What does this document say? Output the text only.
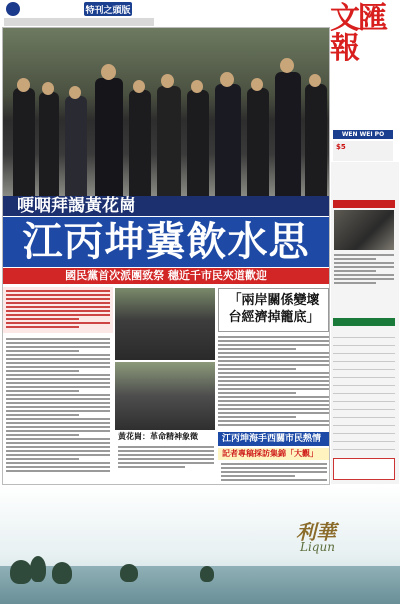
特刊之頭版	文匯報
WEN WEI PO
$5
哽咽拜謁黃花崗
江丙坤冀飲水思
國民黨首次派團致祭 穗近千市民夾道歡迎
黃花崗：革命精神象徵
「兩岸關係變壞 台經濟掉籠底」
江丙坤海手西關市民熱情
記者專稿採訪集錦「大觀」
利華
Liqun
